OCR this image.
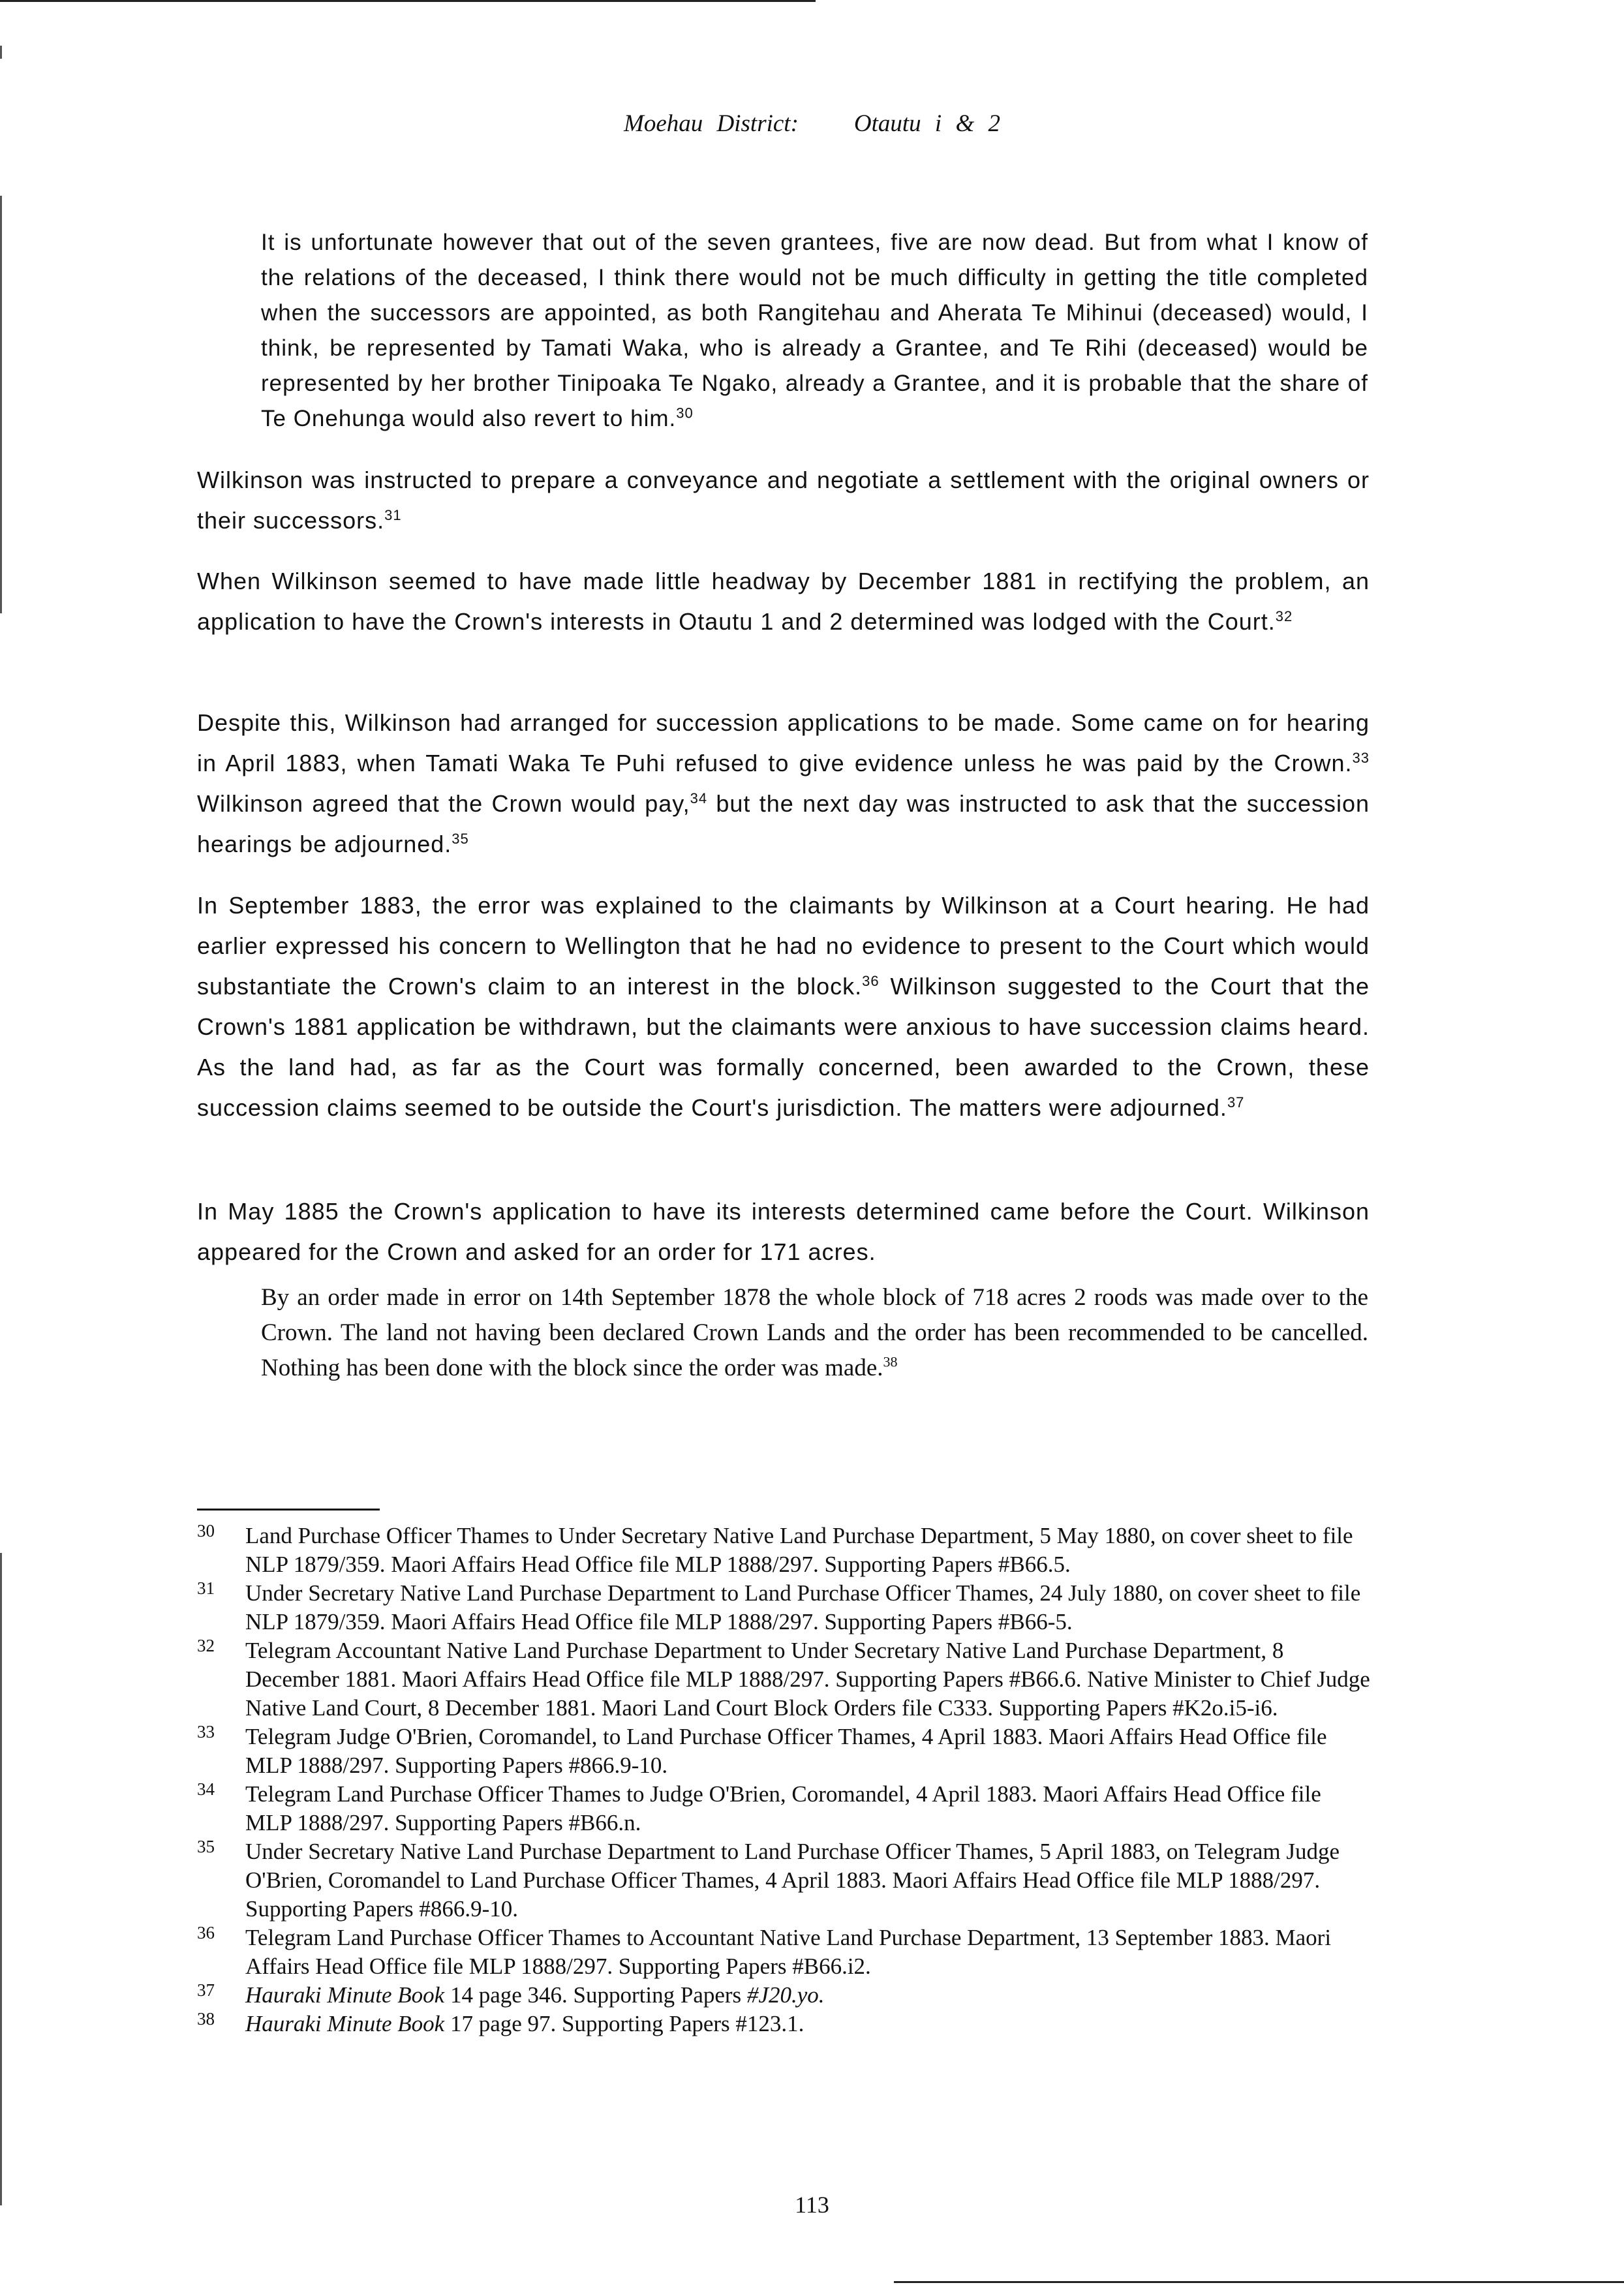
Moehau District: Otautu i & 2

It is unfortunate however that out of the seven grantees, five are now dead. But from what I know of the relations of the deceased, I think there would not be much difficulty in getting the title completed when the successors are appointed, as both Rangitehau and Aherata Te Mihinui (deceased) would, I think, be represented by Tamati Waka, who is already a Grantee, and Te Rihi (deceased) would be represented by her brother Tinipoaka Te Ngako, already a Grantee, and it is probable that the share of Te Onehunga would also revert to him.$^{30}$

Wilkinson was instructed to prepare a conveyance and negotiate a settlement with the original owners or their successors.$^{31}$

When Wilkinson seemed to have made little headway by December 1881 in rectifying the problem, an application to have the Crown's interests in Otautu 1 and 2 determined was lodged with the Court.$^{32}$

Despite this, Wilkinson had arranged for succession applications to be made. Some came on for hearing in April 1883, when Tamati Waka Te Puhi refused to give evidence unless he was paid by the Crown.$^{33}$ Wilkinson agreed that the Crown would pay,$^{34}$ but the next day was instructed to ask that the succession hearings be adjourned.$^{35}$

In September 1883, the error was explained to the claimants by Wilkinson at a Court hearing. He had earlier expressed his concern to Wellington that he had no evidence to present to the Court which would substantiate the Crown's claim to an interest in the block.$^{36}$ Wilkinson suggested to the Court that the Crown's 1881 application be withdrawn, but the claimants were anxious to have succession claims heard. As the land had, as far as the Court was formally concerned, been awarded to the Crown, these succession claims seemed to be outside the Court's jurisdiction. The matters were adjourned.$^{37}$

In May 1885 the Crown's application to have its interests determined came before the Court. Wilkinson appeared for the Crown and asked for an order for 171 acres.

By an order made in error on 14th September 1878 the whole block of 718 acres 2 roods was made over to the Crown. The land not having been declared Crown Lands and the order has been recommended to be cancelled. Nothing has been done with the block since the order was made.$^{38}$

30 Land Purchase Officer Thames to Under Secretary Native Land Purchase Department, 5 May 1880, on cover sheet to file NLP 1879/359. Maori Affairs Head Office file MLP 1888/297. Supporting Papers #B66.5.
31 Under Secretary Native Land Purchase Department to Land Purchase Officer Thames, 24 July 1880, on cover sheet to file NLP 1879/359. Maori Affairs Head Office file MLP 1888/297. Supporting Papers #B66-5.
32 Telegram Accountant Native Land Purchase Department to Under Secretary Native Land Purchase Department, 8 December 1881. Maori Affairs Head Office file MLP 1888/297. Supporting Papers #B66.6. Native Minister to Chief Judge Native Land Court, 8 December 1881. Maori Land Court Block Orders file C333. Supporting Papers #K2o.i5-i6.
33 Telegram Judge O'Brien, Coromandel, to Land Purchase Officer Thames, 4 April 1883. Maori Affairs Head Office file MLP 1888/297. Supporting Papers #866.9-10.
34 Telegram Land Purchase Officer Thames to Judge O'Brien, Coromandel, 4 April 1883. Maori Affairs Head Office file MLP 1888/297. Supporting Papers #B66.n.
35 Under Secretary Native Land Purchase Department to Land Purchase Officer Thames, 5 April 1883, on Telegram Judge O'Brien, Coromandel to Land Purchase Officer Thames, 4 April 1883. Maori Affairs Head Office file MLP 1888/297. Supporting Papers #866.9-10.
36 Telegram Land Purchase Officer Thames to Accountant Native Land Purchase Department, 13 September 1883. Maori Affairs Head Office file MLP 1888/297. Supporting Papers #B66.i2.
37 Hauraki Minute Book 14 page 346. Supporting Papers #J20.yo.
38 Hauraki Minute Book 17 page 97. Supporting Papers #123.1.
113
